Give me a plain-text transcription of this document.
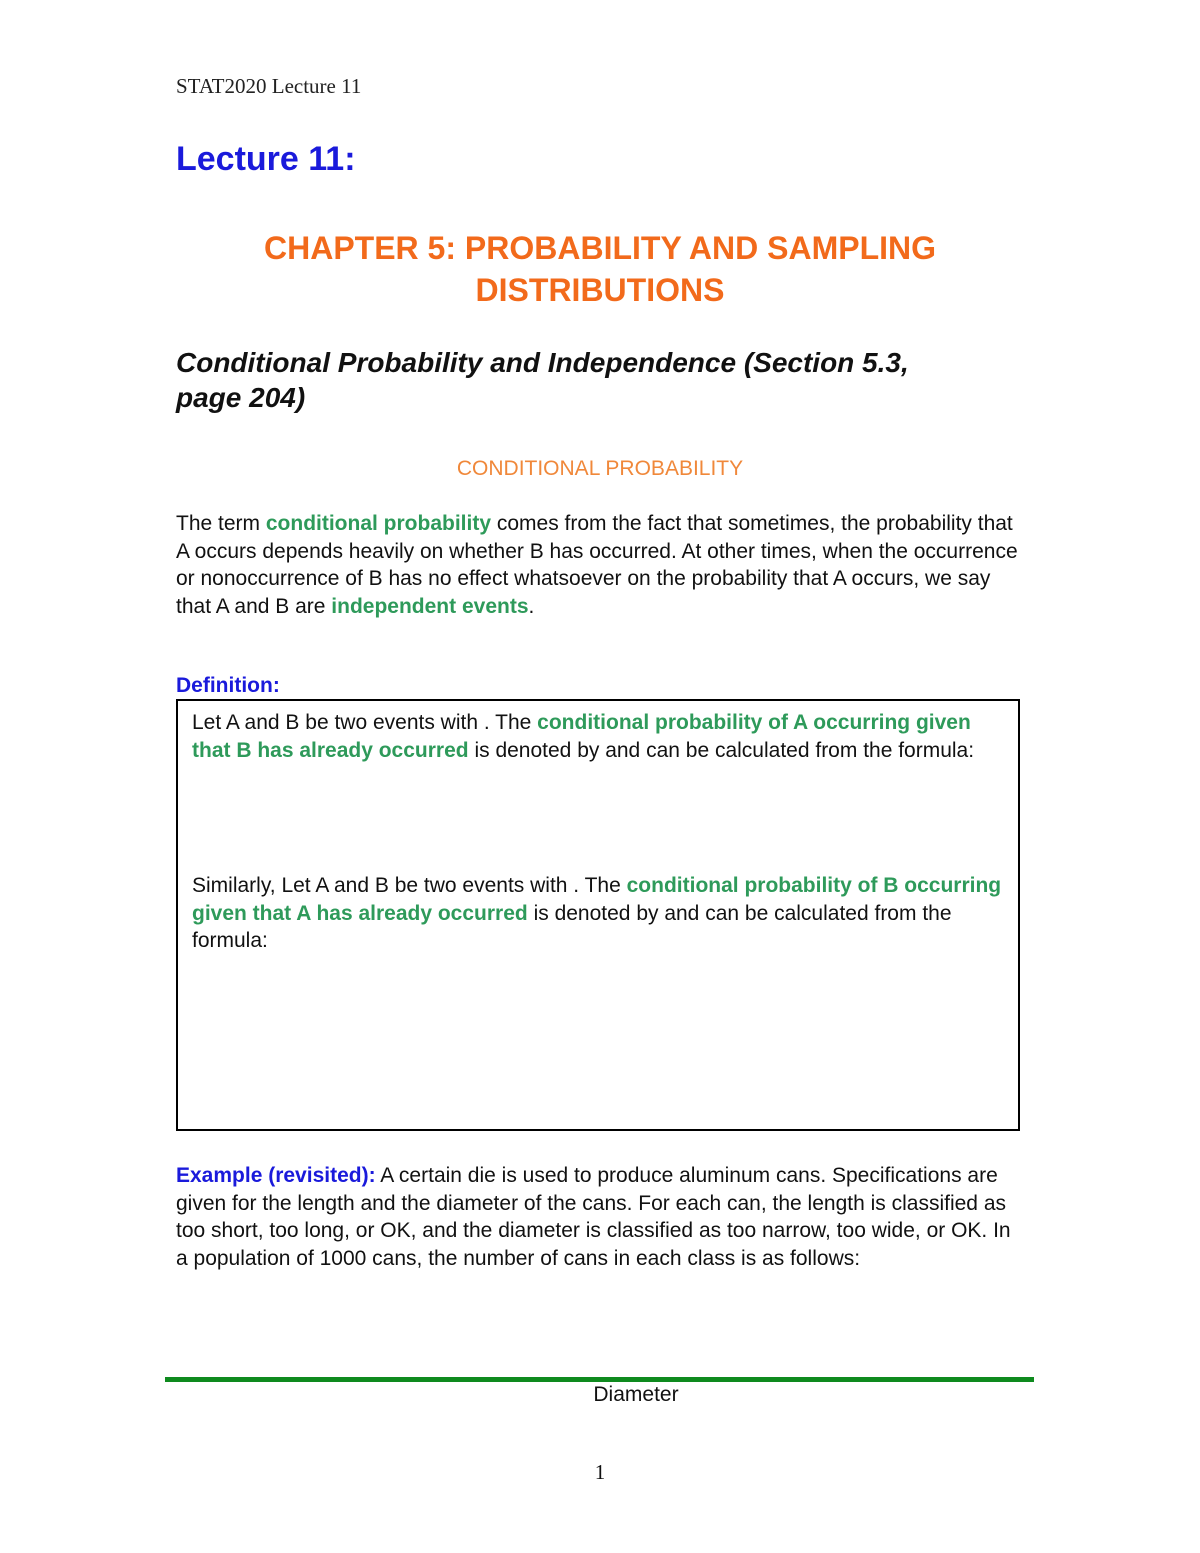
STAT2020 Lecture 11
Lecture 11:
CHAPTER 5: PROBABILITY AND SAMPLING
DISTRIBUTIONS
Conditional Probability and Independence (Section 5.3,
page 204)
CONDITIONAL PROBABILITY
The term conditional probability comes from the fact that sometimes, the probability that A occurs depends heavily on whether B has occurred. At other times, when the occurrence or nonoccurrence of B has no effect whatsoever on the probability that A occurs, we say that A and B are independent events.
Definition:
Let A and B be two events with . The conditional probability of A occurring given that B has already occurred is denoted by and can be calculated from the formula:
Similarly, Let A and B be two events with . The conditional probability of B occurring given that A has already occurred is denoted by and can be calculated from the formula:
Example (revisited): A certain die is used to produce aluminum cans. Specifications are given for the length and the diameter of the cans. For each can, the length is classified as too short, too long, or OK, and the diameter is classified as too narrow, too wide, or OK. In a population of 1000 cans, the number of cans in each class is as follows:
Diameter
1
